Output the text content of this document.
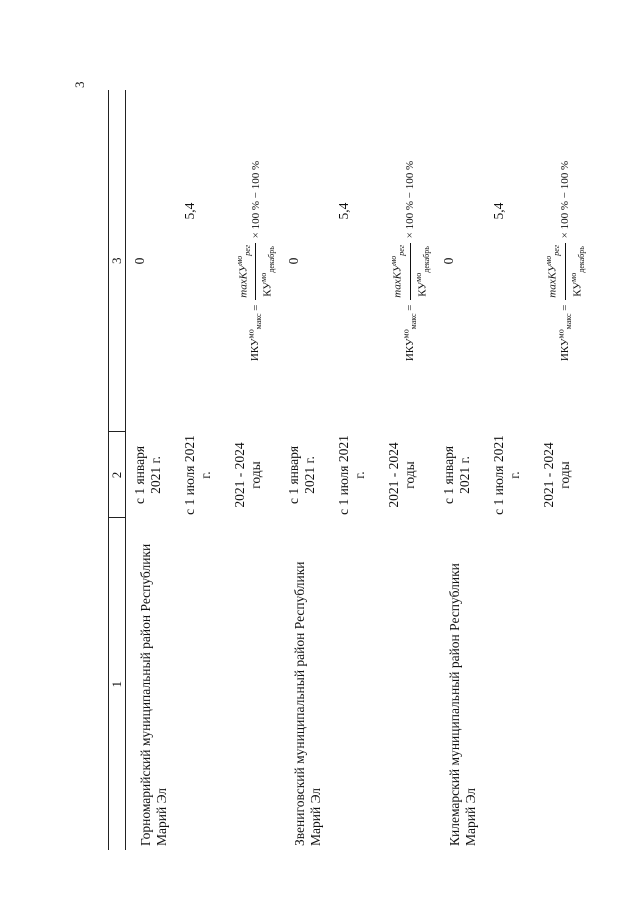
3
1	2	3
Горномарийский муниципальный район Республики Марий Эл	с 1 января 2021 г.	0
	с 1 июля 2021 г.	5,4
	2021 - 2024 годы	$ИКУ^{мо}_{макс}$ =
maxКУ$^{мо}_{рег}$
$КУ^{мо}_{декабрь}$
× 100 % − 100 %
Звениговский муниципальный район Республики Марий Эл	с 1 января 2021 г.	0
	с 1 июля 2021 г.	5,4
	2021 - 2024 годы	$ИКУ^{мо}_{макс}$ =
maxКУ$^{мо}_{рег}$
$КУ^{мо}_{декабрь}$
× 100 % − 100 %
Килемарский муниципальный район Республики Марий Эл	с 1 января 2021 г.	0
	с 1 июля 2021 г.	5,4
	2021 - 2024 годы	$ИКУ^{мо}_{макс}$ =
maxКУ$^{мо}_{рег}$
$КУ^{мо}_{декабрь}$
× 100 % − 100 %
